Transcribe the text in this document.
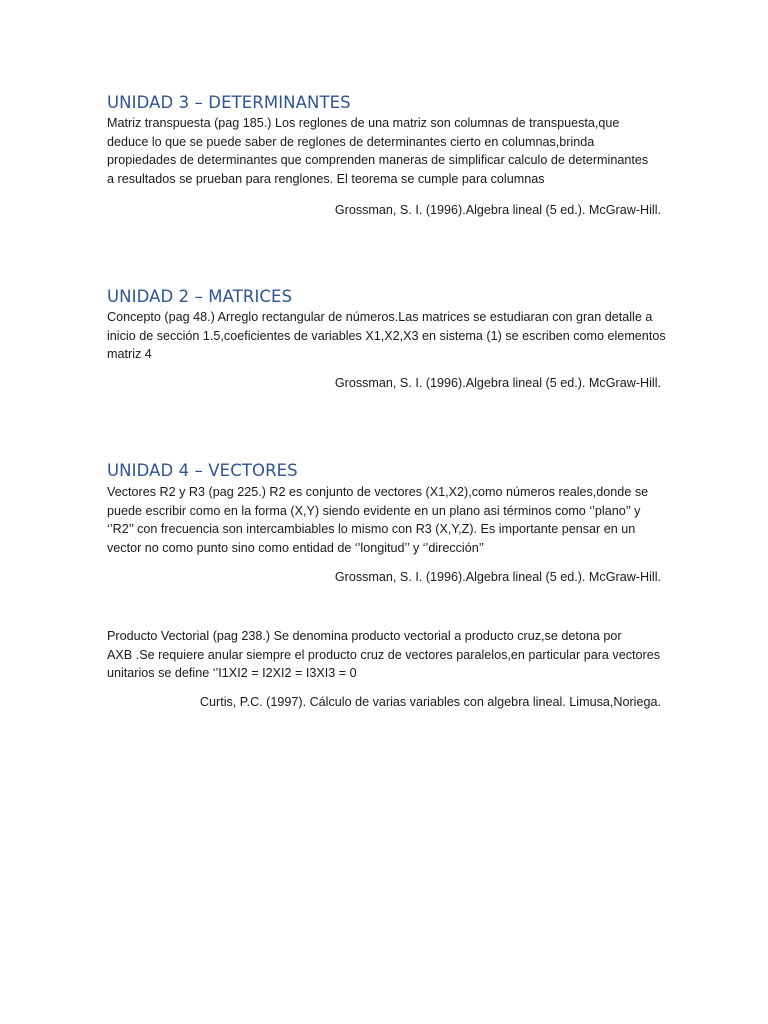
UNIDAD 3 – DETERMINANTES
Matriz transpuesta (pag 185.) Los reglones de una matriz son columnas de transpuesta,que
deduce lo que se puede saber de reglones de determinantes cierto en columnas,brinda
propiedades de determinantes que comprenden maneras de simplificar calculo de determinantes
a resultados se prueban para renglones. El teorema se cumple para columnas
Grossman, S. I. (1996).Algebra lineal (5 ed.). McGraw-Hill.
UNIDAD 2 – MATRICES
Concepto (pag 48.) Arreglo rectangular de números.Las matrices se estudiaran con gran detalle a
inicio de sección 1.5,coeficientes de variables X1,X2,X3 en sistema (1) se escriben como elementos
matriz 4
Grossman, S. I. (1996).Algebra lineal (5 ed.). McGraw-Hill.
UNIDAD 4 – VECTORES
Vectores R2 y R3 (pag 225.) R2 es conjunto de vectores (X1,X2),como números reales,donde se
puede escribir como en la forma (X,Y) siendo evidente en un plano asi términos como ‘’plano’’ y
‘’R2’’ con frecuencia son intercambiables lo mismo con R3 (X,Y,Z). Es importante pensar en un
vector no como punto sino como entidad de ‘’longitud’’ y ‘’dirección’’
Grossman, S. I. (1996).Algebra lineal (5 ed.). McGraw-Hill.
Producto Vectorial (pag 238.) Se denomina producto vectorial a producto cruz,se detona por
AXB .Se requiere anular siempre el producto cruz de vectores paralelos,en particular para vectores
unitarios se define ‘’I1XI2 = I2XI2 = I3XI3 = 0
Curtis, P.C. (1997). Cálculo de varias variables con algebra lineal. Limusa,Noriega.
